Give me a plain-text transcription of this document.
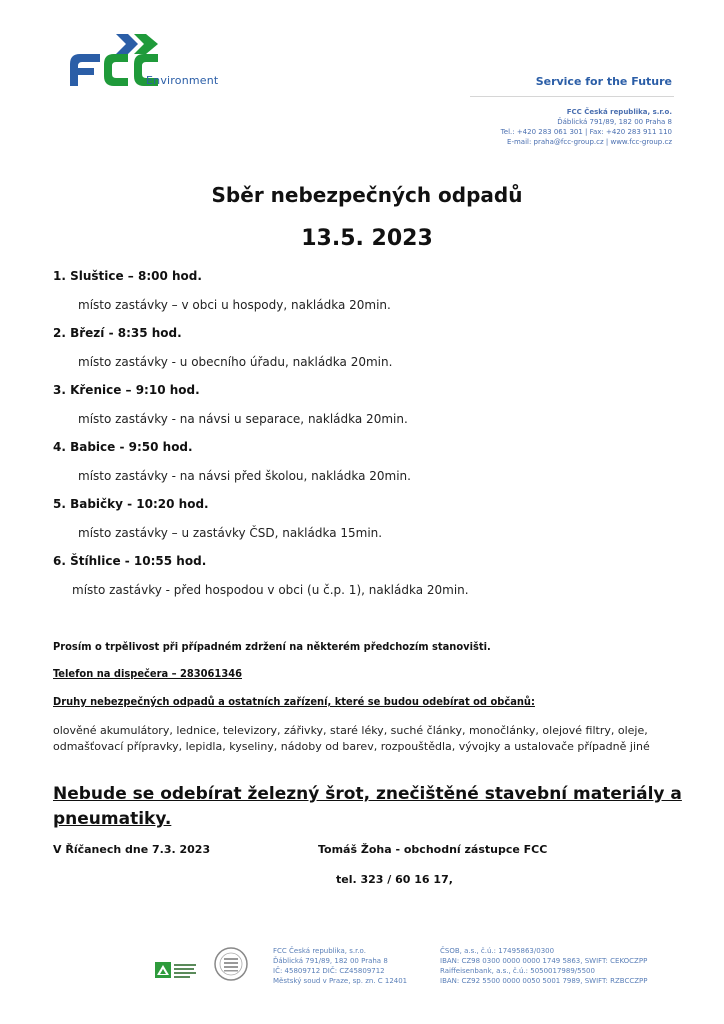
Environment	Service for the Future
FCC Česká republika, s.r.o.
Ďáblická 791/89, 182 00 Praha 8
Tel.: +420 283 061 301 | Fax: +420 283 911 110
E-mail: praha@fcc-group.cz | www.fcc-group.cz
Sběr nebezpečných odpadů
13.5. 2023
1. Sluštice – 8:00 hod.
místo zastávky – v obci u hospody, nakládka 20min.
2. Březí - 8:35 hod.
místo zastávky - u obecního úřadu, nakládka 20min.
3. Křenice – 9:10 hod.
místo zastávky - na návsi u separace, nakládka 20min.
4. Babice - 9:50 hod.
místo zastávky - na návsi před školou, nakládka 20min.
5. Babičky - 10:20 hod.
místo zastávky – u zastávky ČSD, nakládka 15min.
6. Štíhlice - 10:55 hod.
místo zastávky - před hospodou v obci (u č.p. 1), nakládka 20min.
Prosím o trpělivost při případném zdržení na některém předchozím stanovišti.
Telefon na dispečera – 283061346
Druhy nebezpečných odpadů a ostatních zařízení, které se budou odebírat od občanů:
olověné akumulátory, lednice, televizory, zářivky, staré léky, suché články, monočlánky, olejové filtry, oleje, odmašťovací přípravky, lepidla, kyseliny, nádoby od barev, rozpouštědla, vývojky a ustalovače případně jiné
Nebude se odebírat železný šrot, znečištěné stavební materiály a pneumatiky.
V Říčanech dne 7.3. 2023	Tomáš Žoha - obchodní zástupce FCC
tel. 323 / 60 16 17,
FCC Česká republika, s.r.o.
Ďáblická 791/89, 182 00 Praha 8
IČ: 45809712 DIČ: CZ45809712
Městský soud v Praze, sp. zn. C 12401
ČSOB, a.s., č.ú.: 17495863/0300
IBAN: CZ98 0300 0000 0000 1749 5863, SWIFT: CEKOCZPP
Raiffeisenbank, a.s., č.ú.: 5050017989/5500
IBAN: CZ92 5500 0000 0050 5001 7989, SWIFT: RZBCCZPP
